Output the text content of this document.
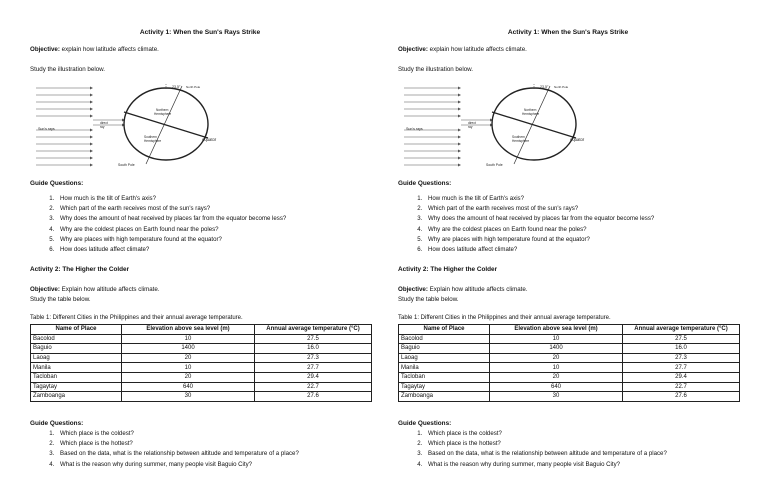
Activity 1: When the Sun's Rays Strike
Objective: explain how latitude affects climate.
Study the illustration below.
23.5° North Pole
Northern
Hemisphere
Southern
Hemisphere
direct
ray
Sun's rays
equator
South Pole
Guide Questions:
1. How much is the tilt of Earth's axis?
2. Which part of the earth receives most of the sun's rays?
3. Why does the amount of heat received by places far from the equator become less?
4. Why are the coldest places on Earth found near the poles?
5. Why are places with high temperature found at the equator?
6. How does latitude affect climate?
Activity 2: The Higher the Colder
Objective: Explain how altitude affects climate.
Study the table below.
Table 1: Different Cities in the Philippines and their annual average temperature.
Name of Place	Elevation above sea level (m)	Annual average temperature (°C)
Bacolod	10	27.5
Baguio	1400	16.0
Laoag	20	27.3
Manila	10	27.7
Tacloban	20	29.4
Tagaytay	640	22.7
Zamboanga	30	27.6
Guide Questions:
1. Which place is the coldest?
2. Which place is the hottest?
3. Based on the data, what is the relationship between altitude and temperature of a place?
4. What is the reason why during summer, many people visit Baguio City?
Activity 1: When the Sun's Rays Strike
Objective: explain how latitude affects climate.
Study the illustration below.
23.5° North Pole
Northern
Hemisphere
Southern
Hemisphere
direct
ray
Sun's rays
equator
South Pole
Guide Questions:
1. How much is the tilt of Earth's axis?
2. Which part of the earth receives most of the sun's rays?
3. Why does the amount of heat received by places far from the equator become less?
4. Why are the coldest places on Earth found near the poles?
5. Why are places with high temperature found at the equator?
6. How does latitude affect climate?
Activity 2: The Higher the Colder
Objective: Explain how altitude affects climate.
Study the table below.
Table 1: Different Cities in the Philippines and their annual average temperature.
Name of Place	Elevation above sea level (m)	Annual average temperature (°C)
Bacolod	10	27.5
Baguio	1400	16.0
Laoag	20	27.3
Manila	10	27.7
Tacloban	20	29.4
Tagaytay	640	22.7
Zamboanga	30	27.6
Guide Questions:
1. Which place is the coldest?
2. Which place is the hottest?
3. Based on the data, what is the relationship between altitude and temperature of a place?
4. What is the reason why during summer, many people visit Baguio City?
